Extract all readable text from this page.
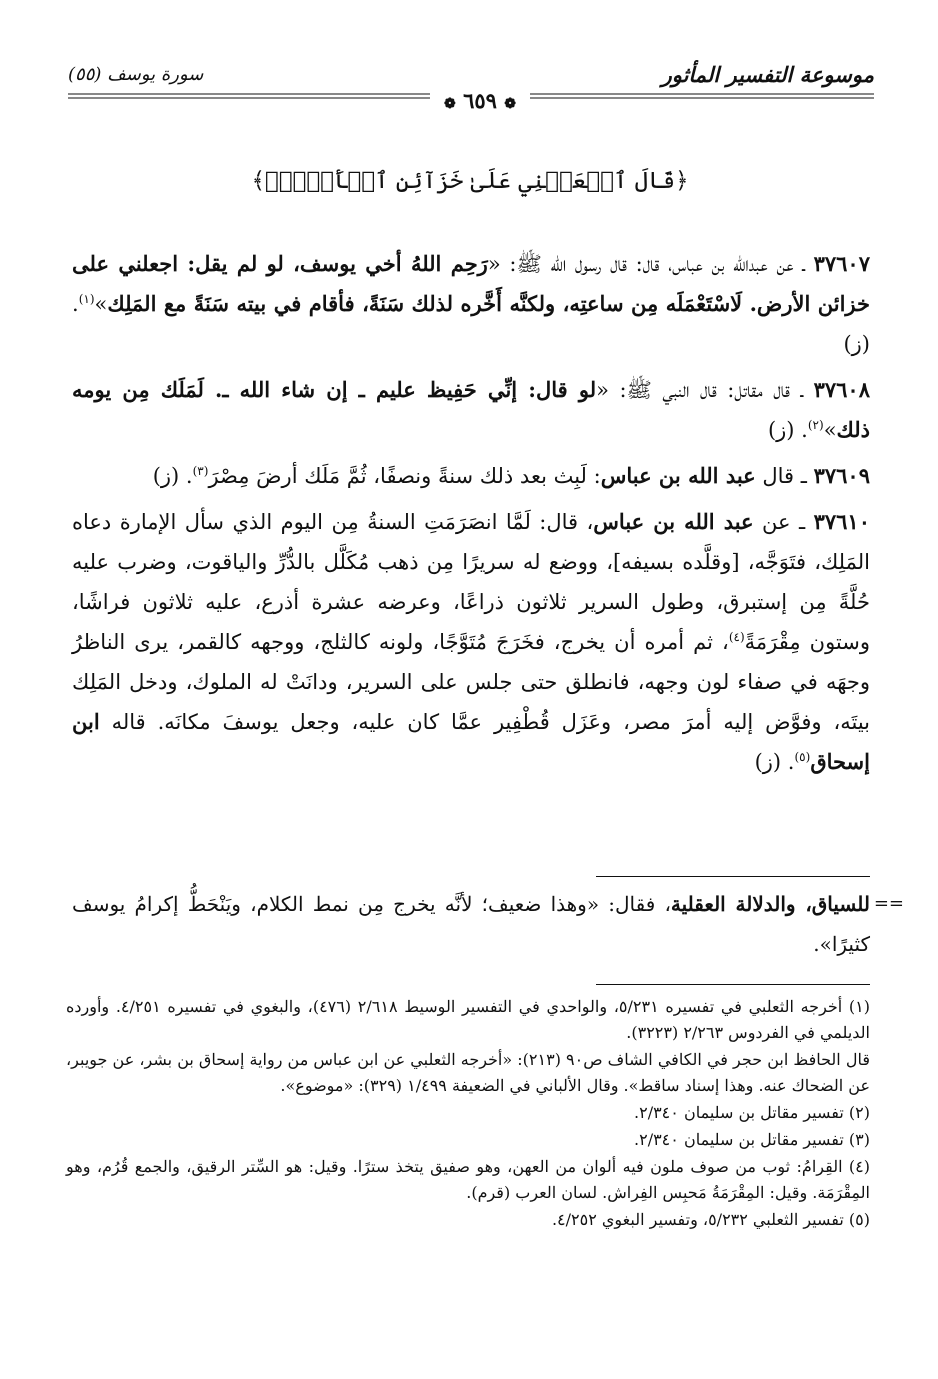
موسوعة التفسير المأثور
سورة يوسف (٥٥)
❁ ٦٥٩ ❁
﴿قَالَ ٱجۡعَلۡنِي عَلَىٰ خَزَآئِنِ ٱلۡأَرۡضِۖ﴾

٣٧٦٠٧ ـ عن عبدالله بن عباس، قال: قال رسول الله ﷺ: «رَحِم اللهُ أخي يوسف، لو لم يقل: اجعلني على خزائن الأرض. لَاسْتَعْمَلَه مِن ساعتِه، ولكنَّه أَخَّره لذلك سَنَةً، فأقام في بيته سَنَةً مع المَلِك»$^{(١)}$. (ز)

٣٧٦٠٨ ـ قال مقاتل: قال النبي ﷺ: «لو قال: إنِّي حَفِيظ عليم ـ إن شاء الله ـ. لَمَلَك مِن يومه ذلك»$^{(٢)}$. (ز)

٣٧٦٠٩ ـ قال عبد الله بن عباس: لَبِث بعد ذلك سنةً ونصفًا، ثُمَّ مَلَك أرضَ مِصْرَ$^{(٣)}$. (ز)

٣٧٦١٠ ـ عن عبد الله بن عباس، قال: لَمَّا انصَرَمَتِ السنةُ مِن اليوم الذي سأل الإمارة دعاه المَلِك، فتَوَجَّه، [وقلَّده بسيفه]، ووضع له سريرًا مِن ذهب مُكَلَّل بالدُّرِّ والياقوت، وضرب عليه حُلَّةً مِن إستبرق، وطول السرير ثلاثون ذراعًا، وعرضه عشرة أذرع، عليه ثلاثون فراشًا، وستون مِقْرَمَةً$^{(٤)}$، ثم أمره أن يخرج، فخَرَجَ مُتَوَّجًا، ولونه كالثلج، ووجهه كالقمر، يرى الناظرُ وجهَه في صفاء لون وجهه، فانطلق حتى جلس على السرير، ودانَتْ له الملوك، ودخل المَلِك بيتَه، وفوَّض إليه أمرَ مصر، وعَزَل قُطْفِير عمَّا كان عليه، وجعل يوسفَ مكانَه. قاله ابن إسحاق$^{(٥)}$. (ز)

==
للسياق، والدلالة العقلية، فقال: «وهذا ضعيف؛ لأنَّه يخرج مِن نمط الكلام، ويَنْحَطُّ إكرامُ يوسف كثيرًا».

(١) أخرجه الثعلبي في تفسيره ٥/٢٣١، والواحدي في التفسير الوسيط ٢/٦١٨ (٤٧٦)، والبغوي في تفسيره ٤/٢٥١. وأورده الديلمي في الفردوس ٢/٢٦٣ (٣٢٢٣).

قال الحافظ ابن حجر في الكافي الشاف ص٩٠ (٢١٣): «أخرجه الثعلبي عن ابن عباس من رواية إسحاق بن بشر، عن جويبر، عن الضحاك عنه. وهذا إسناد ساقط». وقال الألباني في الضعيفة ١/٤٩٩ (٣٢٩): «موضوع».

(٢) تفسير مقاتل بن سليمان ٢/٣٤٠.

(٣) تفسير مقاتل بن سليمان ٢/٣٤٠.

(٤) القِرامُ: ثوب من صوف ملون فيه ألوان من العهن، وهو صفيق يتخذ سترًا. وقيل: هو السِّتر الرقيق، والجمع قُرُم، وهو المِقْرَمَة. وقيل: المِقْرَمَةُ مَحبِس الفِراش. لسان العرب (قرم).

(٥) تفسير الثعلبي ٥/٢٣٢، وتفسير البغوي ٤/٢٥٢.
